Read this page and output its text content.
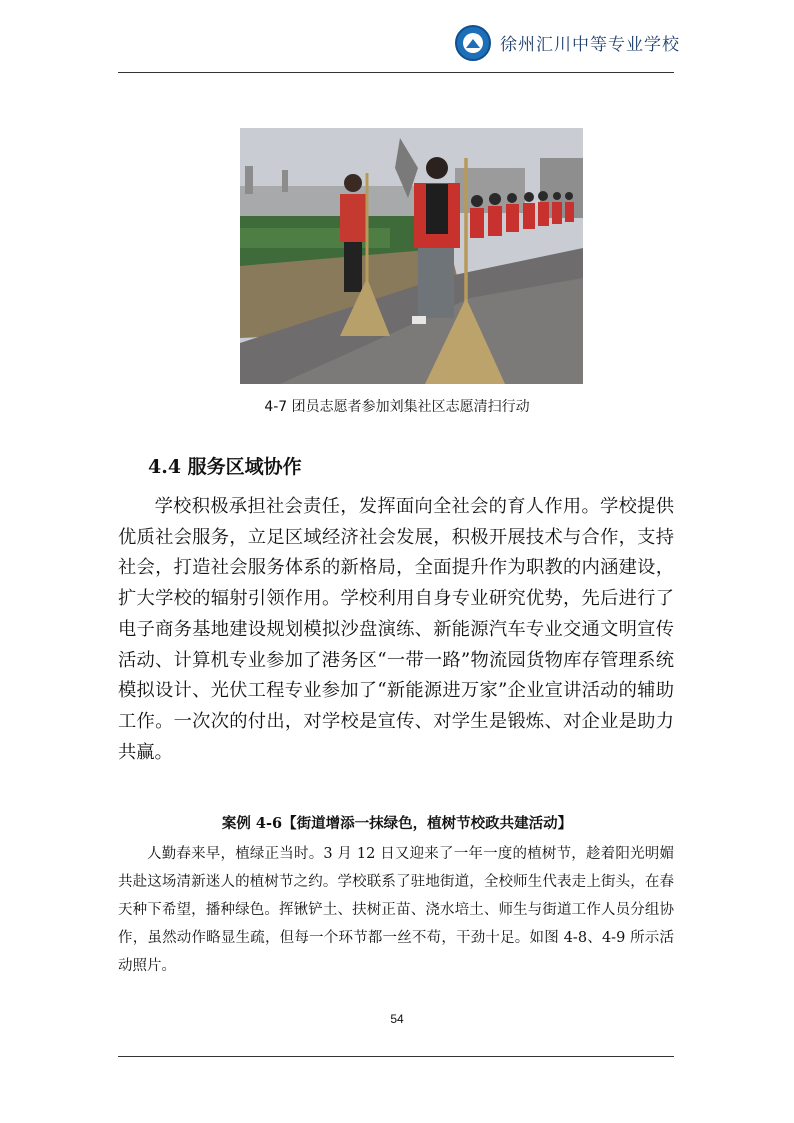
徐州汇川中等专业学校
4-7 团员志愿者参加刘集社区志愿清扫行动
4.4 服务区域协作

学校积极承担社会责任，发挥面向全社会的育人作用。学校提供优质社会服务，立足区域经济社会发展，积极开展技术与合作，支持社会，打造社会服务体系的新格局，全面提升作为职教的内涵建设，扩大学校的辐射引领作用。学校利用自身专业研究优势，先后进行了电子商务基地建设规划模拟沙盘演练、新能源汽车专业交通文明宣传活动、计算机专业参加了港务区“一带一路”物流园货物库存管理系统模拟设计、光伏工程专业参加了“新能源进万家”企业宣讲活动的辅助工作。一次次的付出，对学校是宣传、对学生是锻炼、对企业是助力共赢。

案例 4-6【街道增添一抹绿色，植树节校政共建活动】

人勤春来早，植绿正当时。3 月 12 日又迎来了一年一度的植树节，趁着阳光明媚共赴这场清新迷人的植树节之约。学校联系了驻地街道，全校师生代表走上街头，在春天种下希望，播种绿色。挥锹铲土、扶树正苗、浇水培土、师生与街道工作人员分组协作，虽然动作略显生疏，但每一个环节都一丝不苟，干劲十足。如图 4-8、4-9 所示活动照片。

54
